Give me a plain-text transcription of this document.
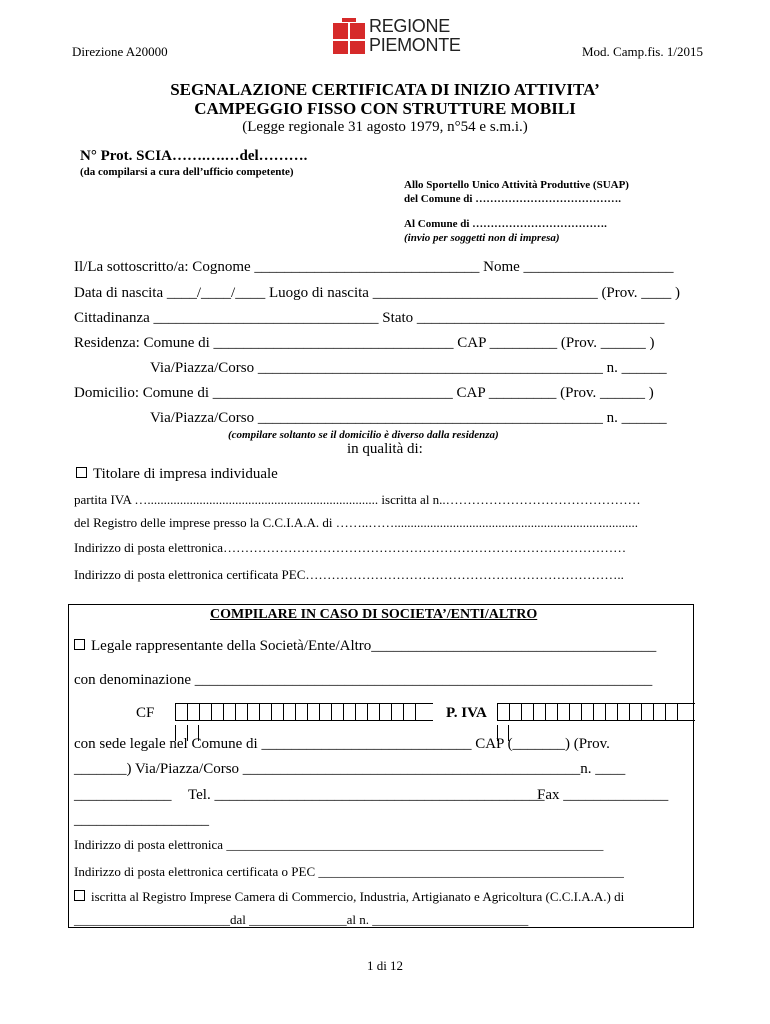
Direzione A20000	Mod. Camp.fis. 1/2015
REGIONE
PIEMONTE
SEGNALAZIONE CERTIFICATA DI INIZIO ATTIVITA’
CAMPEGGIO FISSO CON STRUTTURE MOBILI
(Legge regionale 31 agosto 1979, n°54 e s.m.i.)
N° Prot. SCIA…….….…del……….
(da compilarsi a cura dell’ufficio competente)
Allo Sportello Unico Attività Produttive (SUAP)
del Comune di ………………………………….
Al Comune di ……………………………….
(invio per soggetti non di impresa)
Il/La sottoscritto/a: Cognome ______________________________ Nome ____________________
Data di nascita ____/____/____ Luogo di nascita ______________________________ (Prov. ____ )
Cittadinanza ______________________________ Stato _________________________________
Residenza: Comune di ________________________________ CAP _________ (Prov. ______ )
Via/Piazza/Corso ______________________________________________ n. ______
Domicilio: Comune di ________________________________ CAP _________ (Prov. ______ )
Via/Piazza/Corso ______________________________________________ n. ______
(compilare soltanto se il domicilio è diverso dalla residenza)
in qualità di:
Titolare di impresa individuale
partita IVA …....................................................................... iscritta al n..………………………………………
del Registro delle imprese presso la C.C.I.A.A. di ……..……...........................................................................
Indirizzo di posta elettronica…………………………………………………………………………………
Indirizzo di posta elettronica certificata PEC………………………………………………………………..
COMPILARE IN CASO DI SOCIETA’/ENTI/ALTRO
Legale rappresentante della Società/Ente/Altro______________________________________
con denominazione _____________________________________________________________
CF	P. IVA
con sede legale nel Comune di ____________________________ CAP (_______) (Prov.
_______) Via/Piazza/Corso _____________________________________________n. ____
_____________ Tel. ____________________________________________
Fax ______________
__________________
Indirizzo di posta elettronica __________________________________________________________
Indirizzo di posta elettronica certificata o PEC _______________________________________________
iscritta al Registro Imprese Camera di Commercio, Industria, Artigianato e Agricoltura (C.C.I.A.A.) di
________________________dal _______________al n. ________________________
1 di 12
